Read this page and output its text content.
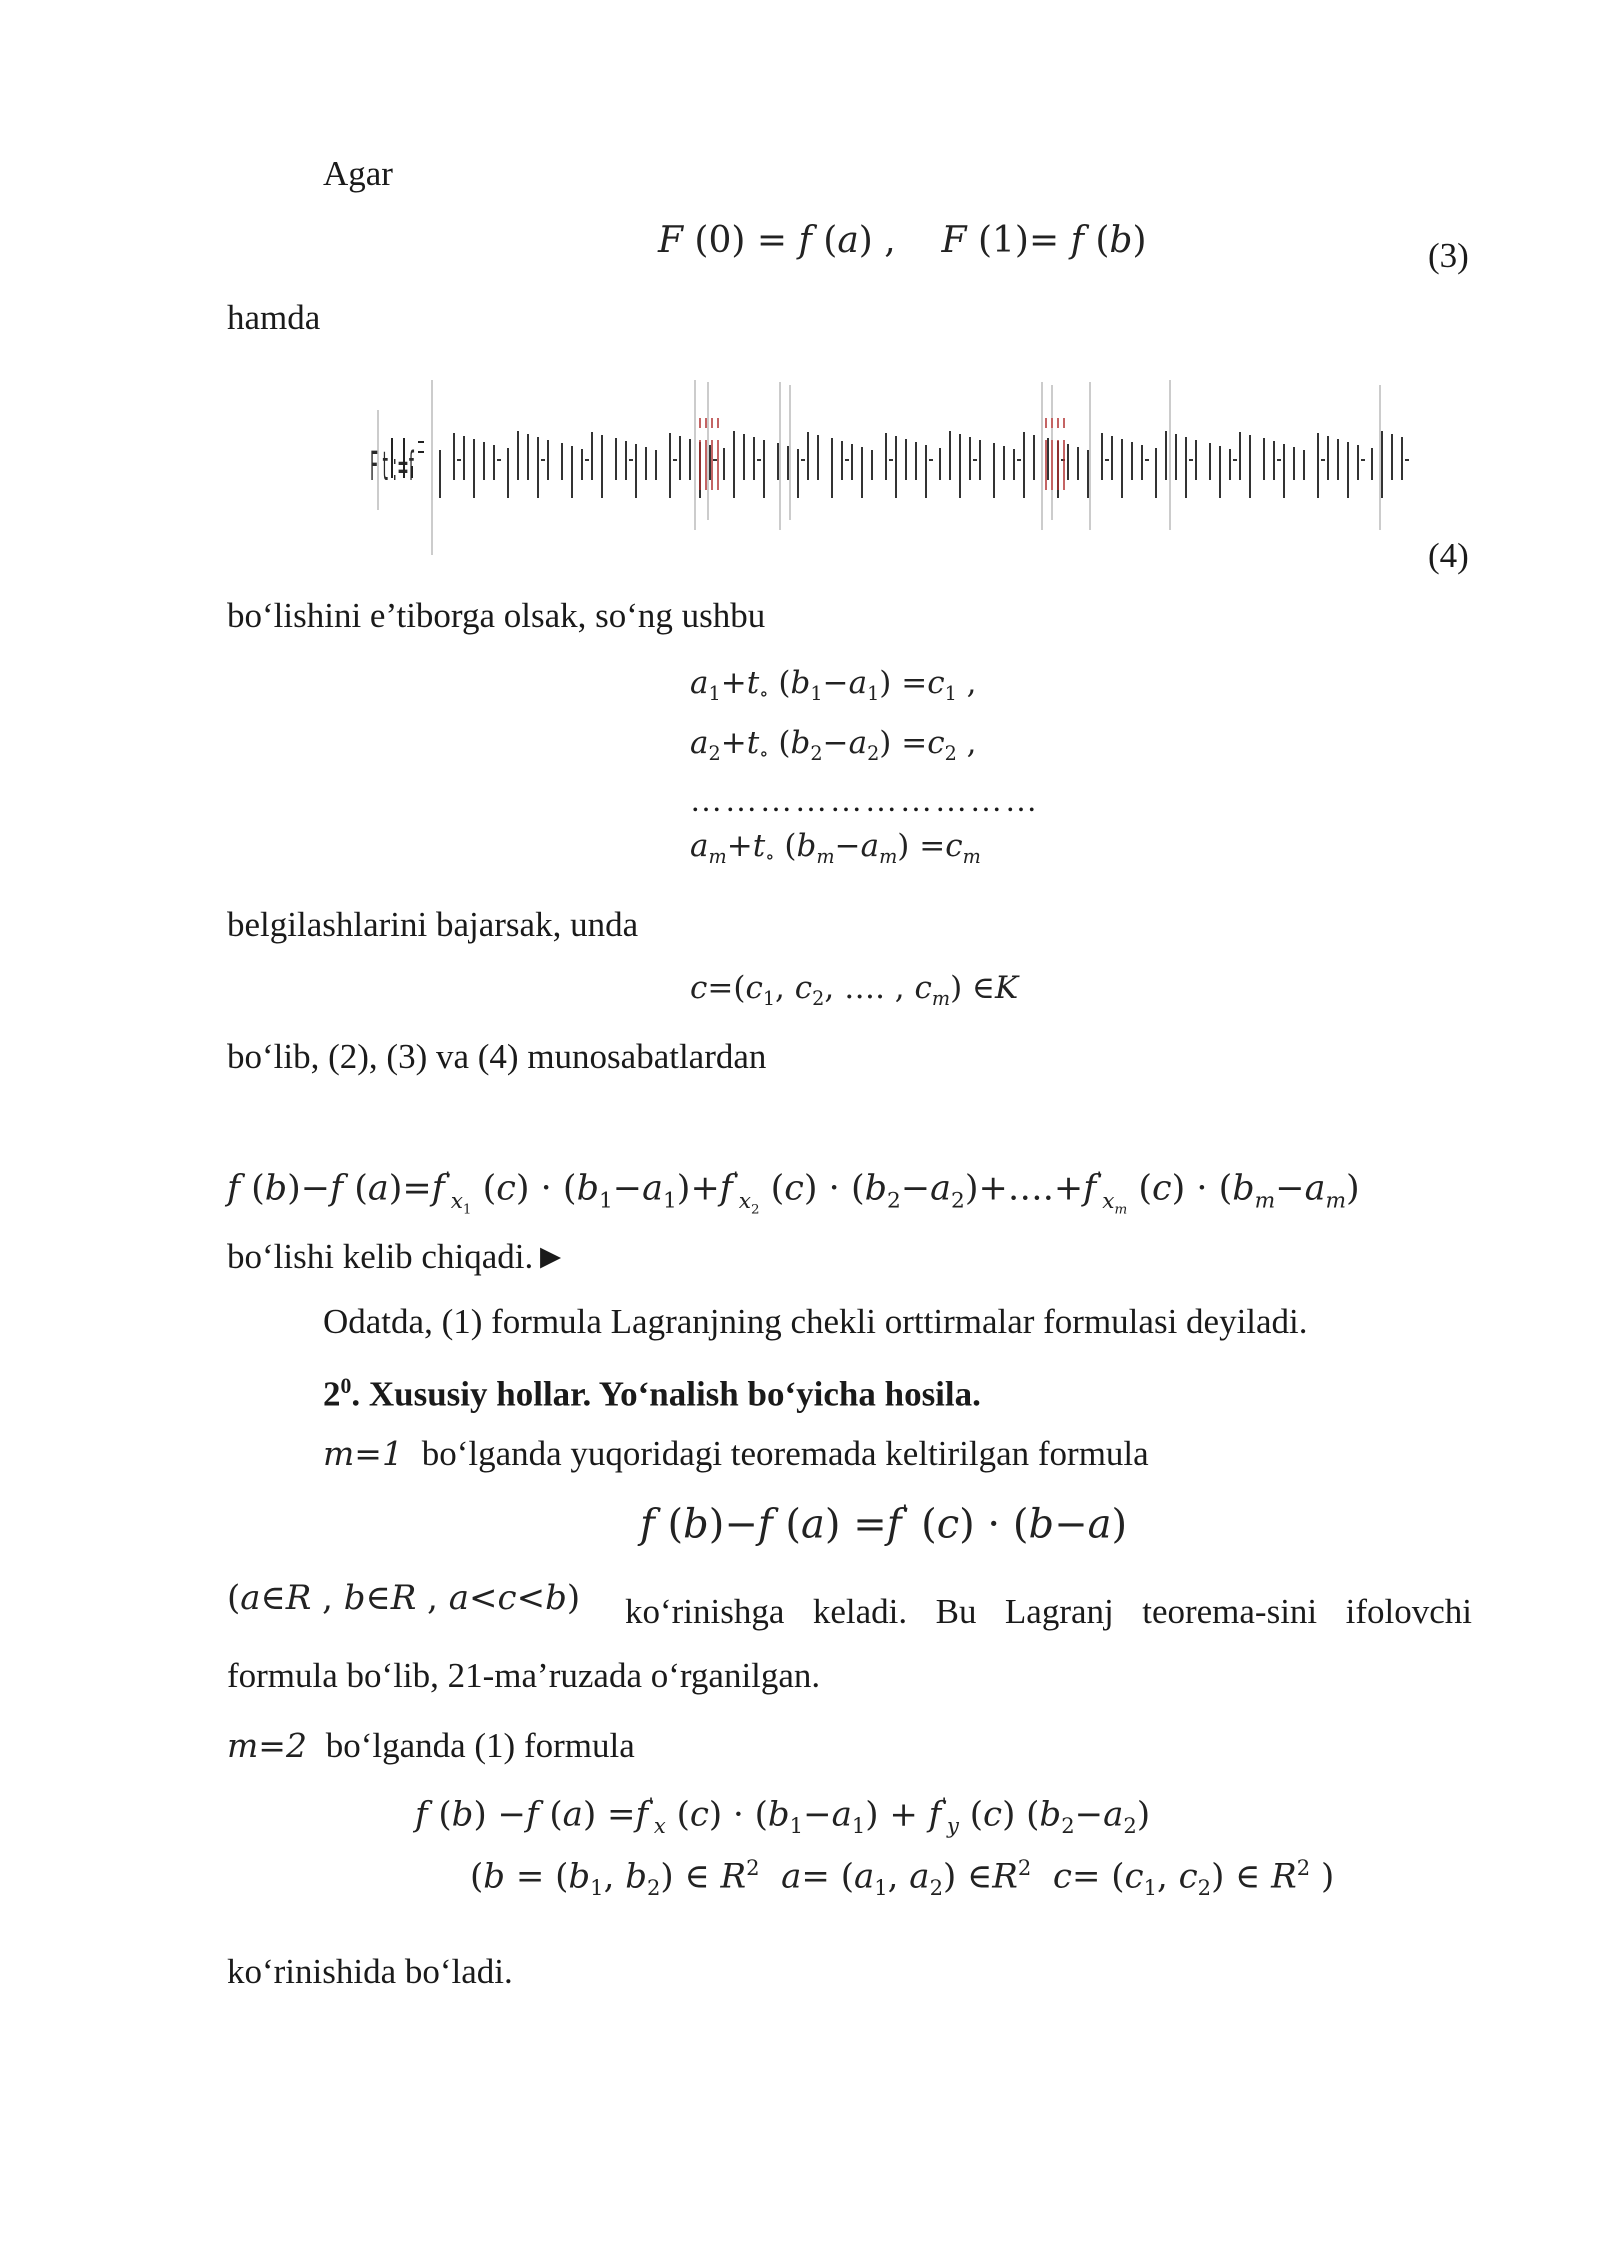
Agar
F (0) = f (a) ,    F (1)= f (b)	(3)
hamda
F t :=f
(4)
bo‘lishini e’tiborga olsak, so‘ng ushbu
$a_1+t_\circ$ $(b_1-a_1) =c_1$ ,
$a_2+t_\circ$ $(b_2-a_2) =c_2$ ,
…………………………
$a_m+t_\circ$ $(b_m-a_m) =c_m$
belgilashlarini bajarsak, unda
$c=(c_1$, $c_2$, …. , $c_m$) ∈K
bo‘lib, (2), (3) va (4) munosabatlardan
f (b)−f $(a)=f'_{x_1}$ $(c) \cdot (b_1-a_1)+f'_{x_2}$ $(c) \cdot (b_2-a_2)+\dots.+f'_{x_m}$ $(c) \cdot (b_m-a_m)$
bo‘lishi kelib chiqadi.►
Odatda, (1) formula Lagranjning chekli orttirmalar formulasi deyiladi.
$2^0$. Xususiy hollar. Yo‘nalish bo‘yicha hosila.
m=1 bo‘lganda yuqoridagi teoremada keltirilgan formula
f (b)−f (a) =f' (c) · (b−a)
(a∈R , b∈R , a<c<b) ko‘rinishga keladi. Bu Lagranj teorema-sini ifolovchi
formula bo‘lib, 21-ma’ruzada o‘rganilgan.
m=2 bo‘lganda (1) formula
f (b) −f $(a) =f'_x$ $(c) \cdot (b_1-a_1) + f'_y$ (c) $(b_2-a_2)$
($b = (b_1$, $b_2$) ∈ $R^2$ $a= (a_1$, $a_2$) $\in R^2$ $c= (c_1$, $c_2$) ∈ $R^2$ )
ko‘rinishida bo‘ladi.
